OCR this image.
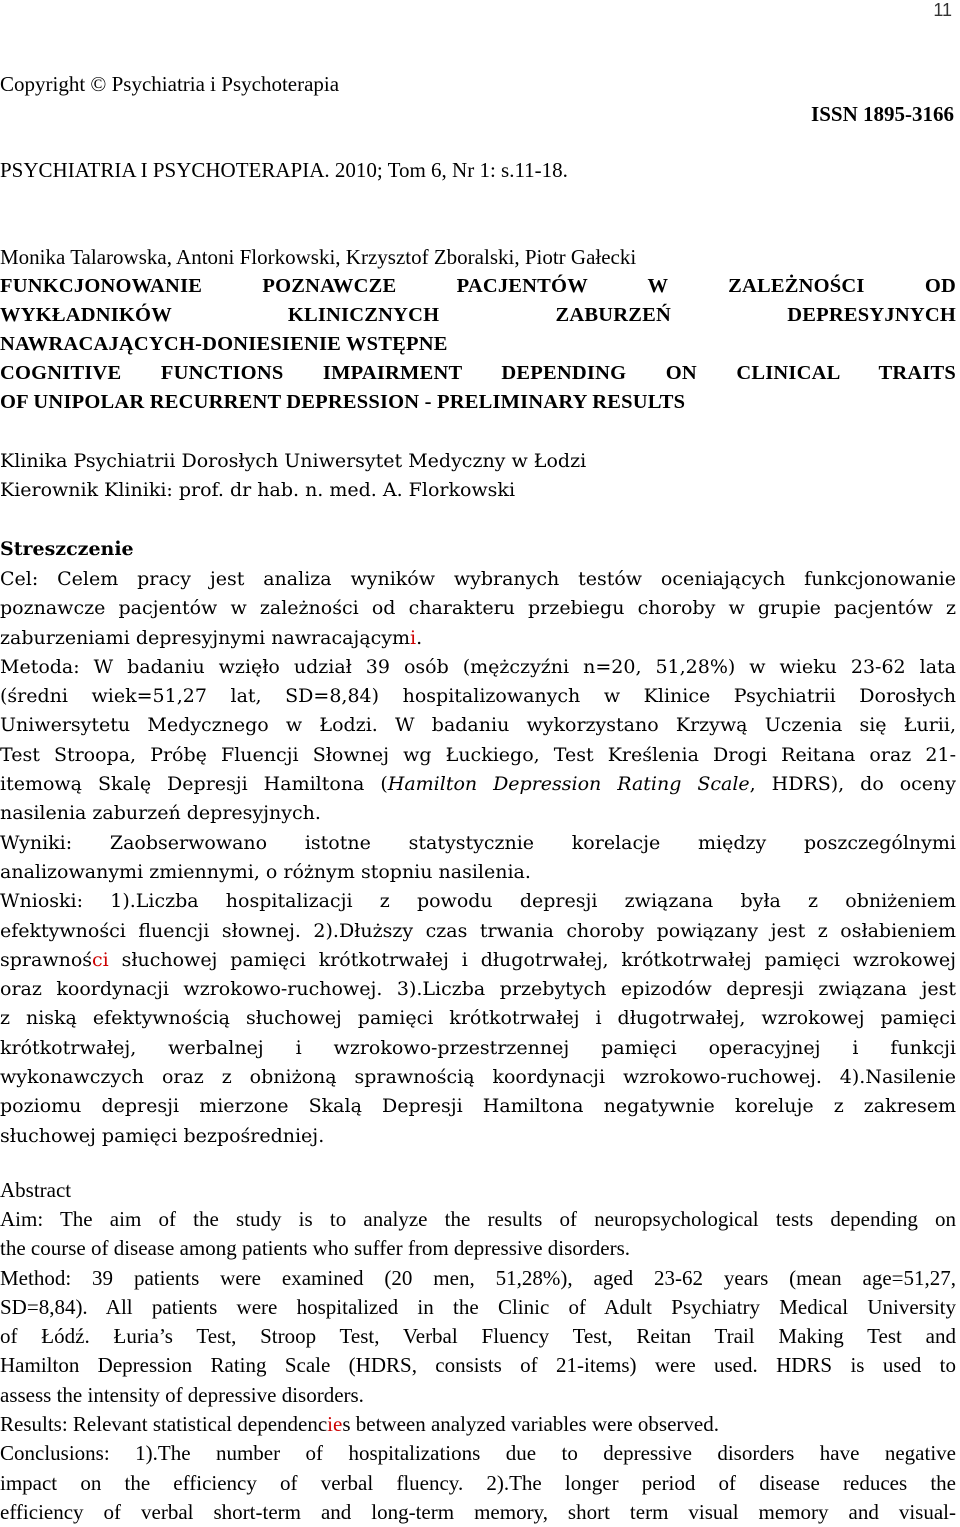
11
Copyright © Psychiatria i Psychoterapia
ISSN 1895-3166
PSYCHIATRIA I PSYCHOTERAPIA. 2010; Tom 6, Nr 1: s.11-18.
Monika Talarowska, Antoni Florkowski, Krzysztof Zboralski, Piotr Gałecki
FUNKCJONOWANIE POZNAWCZE PACJENTÓW W ZALEŻNOŚCI OD
WYKŁADNIKÓW KLINICZNYCH ZABURZEŃ DEPRESYJNYCH
NAWRACAJĄCYCH-DONIESIENIE WSTĘPNE
COGNITIVE FUNCTIONS IMPAIRMENT DEPENDING ON CLINICAL TRAITS
OF UNIPOLAR RECURRENT DEPRESSION - PRELIMINARY RESULTS
Klinika Psychiatrii Dorosłych Uniwersytet Medyczny w Łodzi
Kierownik Kliniki: prof. dr hab. n. med. A. Florkowski
Streszczenie
Cel: Celem pracy jest analiza wyników wybranych testów oceniających funkcjonowanie
poznawcze pacjentów w zależności od charakteru przebiegu choroby w grupie pacjentów z
zaburzeniami depresyjnymi nawracającymi.
Metoda: W badaniu wzięło udział 39 osób (mężczyźni n=20, 51,28%) w wieku 23-62 lata
(średni wiek=51,27 lat, SD=8,84) hospitalizowanych w Klinice Psychiatrii Dorosłych
Uniwersytetu Medycznego w Łodzi. W badaniu wykorzystano Krzywą Uczenia się Łurii,
Test Stroopa, Próbę Fluencji Słownej wg Łuckiego, Test Kreślenia Drogi Reitana oraz 21-
itemową Skalę Depresji Hamiltona (Hamilton Depression Rating Scale, HDRS), do oceny
nasilenia zaburzeń depresyjnych.
Wyniki: Zaobserwowano istotne statystycznie korelacje między poszczególnymi
analizowanymi zmiennymi, o różnym stopniu nasilenia.
Wnioski: 1).Liczba hospitalizacji z powodu depresji związana była z obniżeniem
efektywności fluencji słownej. 2).Dłuższy czas trwania choroby powiązany jest z osłabieniem
sprawności słuchowej pamięci krótkotrwałej i długotrwałej, krótkotrwałej pamięci wzrokowej
oraz koordynacji wzrokowo-ruchowej. 3).Liczba przebytych epizodów depresji związana jest
z niską efektywnością słuchowej pamięci krótkotrwałej i długotrwałej, wzrokowej pamięci
krótkotrwałej, werbalnej i wzrokowo-przestrzennej pamięci operacyjnej i funkcji
wykonawczych oraz z obniżoną sprawnością koordynacji wzrokowo-ruchowej. 4).Nasilenie
poziomu depresji mierzone Skalą Depresji Hamiltona negatywnie koreluje z zakresem
słuchowej pamięci bezpośredniej.
Abstract
Aim: The aim of the study is to analyze the results of neuropsychological tests depending on
the course of disease among patients who suffer from depressive disorders.
Method: 39 patients were examined (20 men, 51,28%), aged 23-62 years (mean age=51,27,
SD=8,84). All patients were hospitalized in the Clinic of Adult Psychiatry Medical University
of Łódź. Łuria’s Test, Stroop Test, Verbal Fluency Test, Reitan Trail Making Test and
Hamilton Depression Rating Scale (HDRS, consists of 21-items) were used. HDRS is used to
assess the intensity of depressive disorders.
Results: Relevant statistical dependencies between analyzed variables were observed.
Conclusions: 1).The number of hospitalizations due to depressive disorders have negative
impact on the efficiency of verbal fluency. 2).The longer period of disease reduces the
efficiency of verbal short-term and long-term memory, short term visual memory and visual-
